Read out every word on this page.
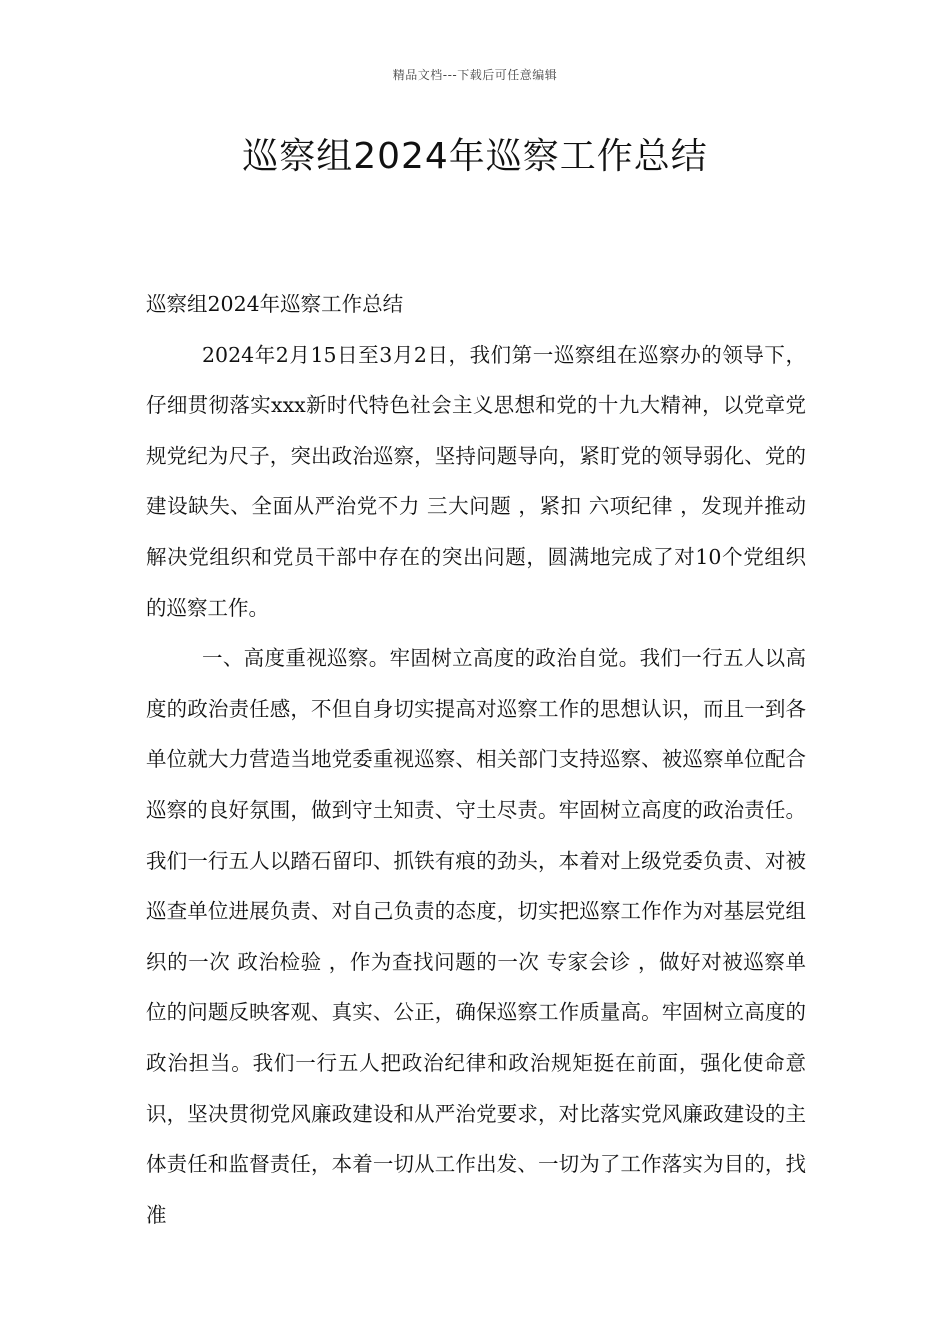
精品文档---下载后可任意编辑
巡察组2024年巡察工作总结

巡察组2024年巡察工作总结

2024年2月15日至3月2日，我们第一巡察组在巡察办的领导下，仔细贯彻落实xxx新时代特色社会主义思想和党的十九大精神，以党章党规党纪为尺子，突出政治巡察，坚持问题导向，紧盯党的领导弱化、党的建设缺失、全面从严治党不力 三大问题 ，紧扣 六项纪律 ，发现并推动解决党组织和党员干部中存在的突出问题，圆满地完成了对10个党组织的巡察工作。

一、高度重视巡察。牢固树立高度的政治自觉。我们一行五人以高度的政治责任感，不但自身切实提高对巡察工作的思想认识，而且一到各单位就大力营造当地党委重视巡察、相关部门支持巡察、被巡察单位配合巡察的良好氛围，做到守土知责、守土尽责。牢固树立高度的政治责任。我们一行五人以踏石留印、抓铁有痕的劲头，本着对上级党委负责、对被巡查单位进展负责、对自己负责的态度，切实把巡察工作作为对基层党组织的一次 政治检验 ，作为查找问题的一次 专家会诊 ，做好对被巡察单位的问题反映客观、真实、公正，确保巡察工作质量高。牢固树立高度的政治担当。我们一行五人把政治纪律和政治规矩挺在前面，强化使命意识，坚决贯彻党风廉政建设和从严治党要求，对比落实党风廉政建设的主体责任和监督责任，本着一切从工作出发、一切为了工作落实为目的，找准
